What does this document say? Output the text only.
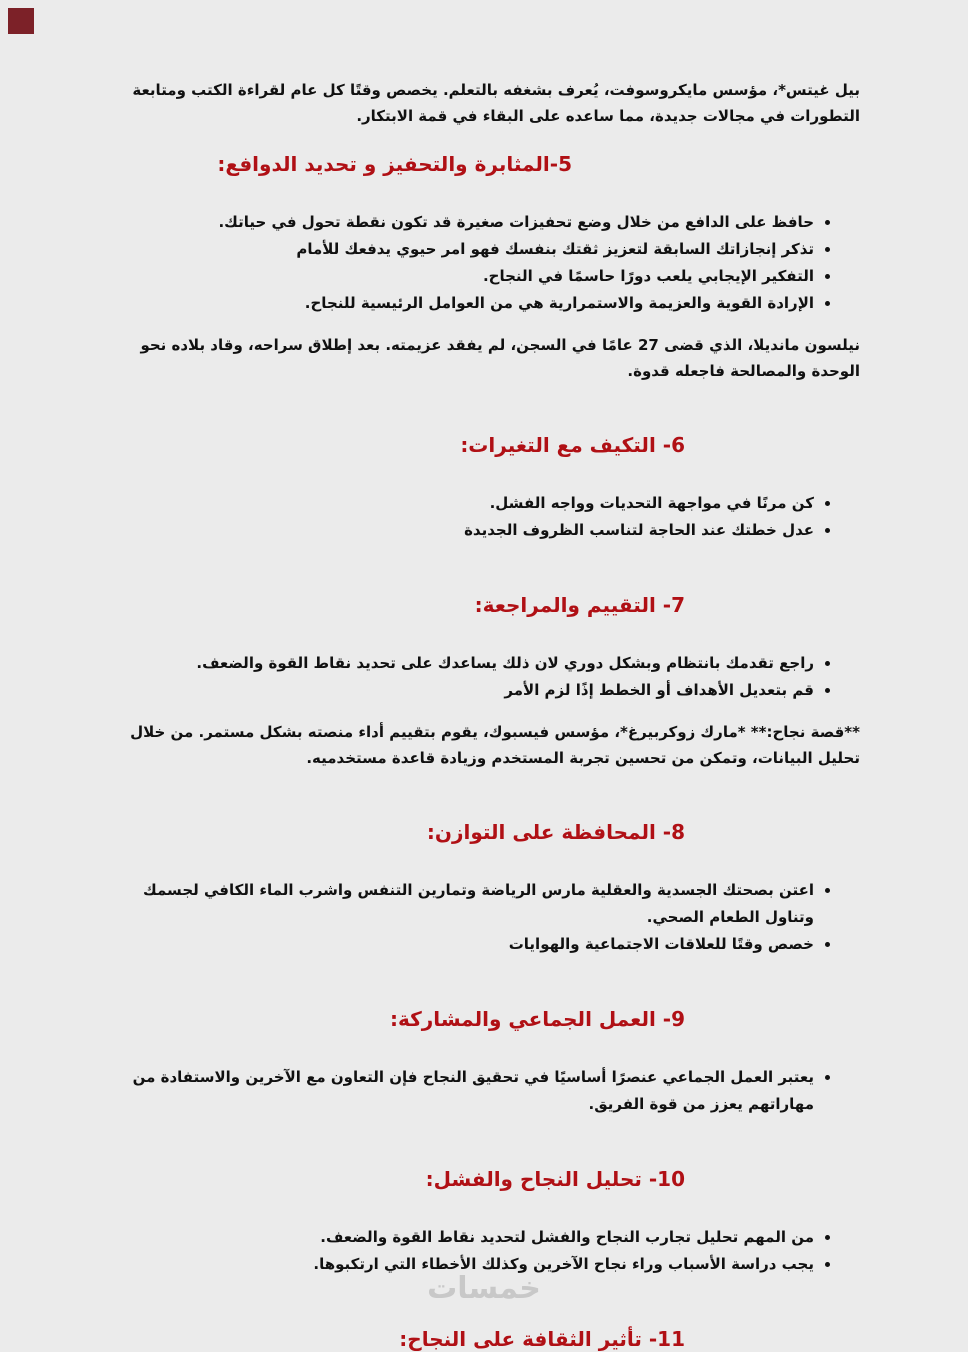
بيل غيتس*، مؤسس مايكروسوفت، يُعرف بشغفه بالتعلم. يخصص وقتًا كل عام لقراءة الكتب ومتابعة التطورات في مجالات جديدة، مما ساعده على البقاء في قمة الابتكار.

5-المثابرة والتحفيز و تحديد الدوافع:
• حافظ على الدافع من خلال وضع تحفيزات صغيرة قد تكون نقطة تحول في حياتك.
• تذكر إنجازاتك السابقة لتعزيز ثقتك بنفسك فهو امر حيوي يدفعك للأمام
• التفكير الإيجابي يلعب دورًا حاسمًا في النجاح.
• الإرادة القوية والعزيمة والاستمرارية هي من العوامل الرئيسية للنجاح.

نيلسون مانديلا، الذي قضى 27 عامًا في السجن، لم يفقد عزيمته. بعد إطلاق سراحه، وقاد بلاده نحو الوحدة والمصالحة فاجعله قدوة.

6- التكيف مع التغيرات:
• كن مرنًا في مواجهة التحديات وواجه الفشل.
• عدل خطتك عند الحاجة لتناسب الظروف الجديدة
7- التقييم والمراجعة:
• راجع تقدمك بانتظام وبشكل دوري لان ذلك يساعدك على تحديد نقاط القوة والضعف.
• قم بتعديل الأهداف أو الخطط إذًا لزم الأمر

**قصة نجاح:** *مارك زوكربيرغ*، مؤسس فيسبوك، يقوم بتقييم أداء منصته بشكل مستمر. من خلال تحليل البيانات، وتمكن من تحسين تجربة المستخدم وزيادة قاعدة مستخدميه.

8- المحافظة على التوازن:
• اعتن بصحتك الجسدية والعقلية مارس الرياضة وتمارين التنفس واشرب الماء الكافي لجسمك وتناول الطعام الصحي.
• خصص وقتًا للعلاقات الاجتماعية والهوايات
9- العمل الجماعي والمشاركة:
• يعتبر العمل الجماعي عنصرًا أساسيًا في تحقيق النجاح فإن التعاون مع الآخرين والاستفادة من مهاراتهم يعزز من قوة الفريق.
10- تحليل النجاح والفشل:
• من المهم تحليل تجارب النجاح والفشل لتحديد نقاط القوة والضعف.
• يجب دراسة الأسباب وراء نجاح الآخرين وكذلك الأخطاء التي ارتكبوها.
11- تأثير الثقافة على النجاح:
خمسات
